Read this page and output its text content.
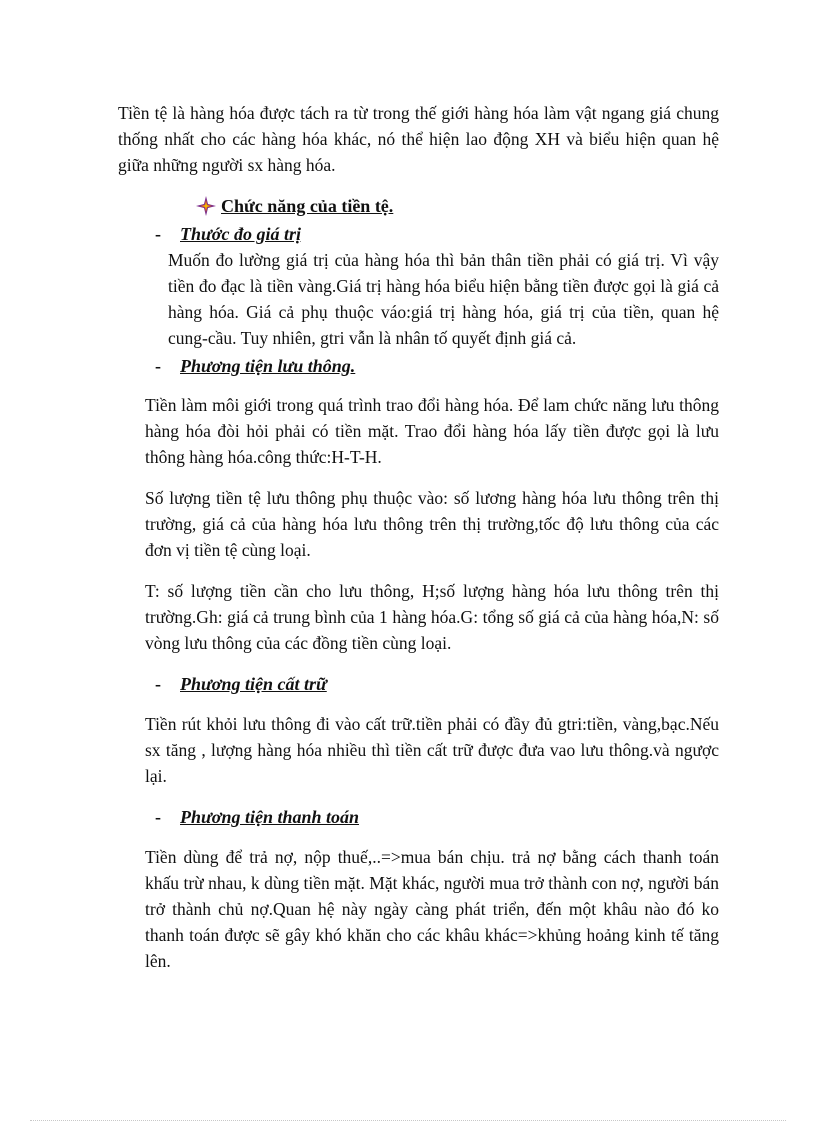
Tiền tệ là hàng hóa được tách ra từ trong thế giới hàng hóa làm vật ngang giá chung thống nhất cho các hàng hóa khác, nó thể hiện lao động XH và biểu hiện quan hệ giữa những người sx hàng hóa.

Chức năng của tiền tệ.
-	Thước đo giá trị

Muốn đo lường giá trị của hàng hóa thì bản thân tiền phải có giá trị. Vì vậy tiền đo đạc là tiền vàng.Giá trị hàng hóa biểu hiện bằng tiền được gọi là giá cả hàng hóa. Giá cả phụ thuộc váo:giá trị hàng hóa, giá trị của tiền, quan hệ cung-cầu. Tuy nhiên, gtri vẫn là nhân tố quyết định giá cả.

-	Phương tiện lưu thông.

Tiền làm môi giới trong quá trình trao đổi hàng hóa. Để lam chức năng lưu thông hàng hóa đòi hỏi phải có tiền mặt. Trao đổi hàng hóa lấy tiền được gọi là lưu thông hàng hóa.công thức:H-T-H.

Số lượng tiền tệ lưu thông phụ thuộc vào: số lương hàng hóa lưu thông trên thị trường, giá cả của hàng hóa lưu thông trên thị trường,tốc độ lưu thông của các đơn vị tiền tệ cùng loại.

T: số lượng tiền cần cho lưu thông, H;số lượng hàng hóa lưu thông trên thị trường.Gh: giá cả trung bình của 1 hàng hóa.G: tổng số giá cả của hàng hóa,N: số vòng lưu thông của các đồng tiền cùng loại.

-	Phương tiện cất trữ

Tiền rút khỏi lưu thông đi vào cất trữ.tiền phải có đầy đủ gtri:tiền, vàng,bạc.Nếu sx tăng , lượng hàng hóa nhiều thì tiền cất trữ được đưa vao lưu thông.và ngược lại.

-	Phương tiện thanh toán

Tiền dùng để trả nợ, nộp thuế,..=>mua bán chịu. trả nợ bằng cách thanh toán khấu trừ nhau, k dùng tiền mặt. Mặt khác, người mua trở thành con nợ, người bán trở thành chủ nợ.Quan hệ này ngày càng phát triển, đến một khâu nào đó ko thanh toán được sẽ gây khó khăn cho các khâu khác=>khủng hoảng kinh tế tăng lên.
